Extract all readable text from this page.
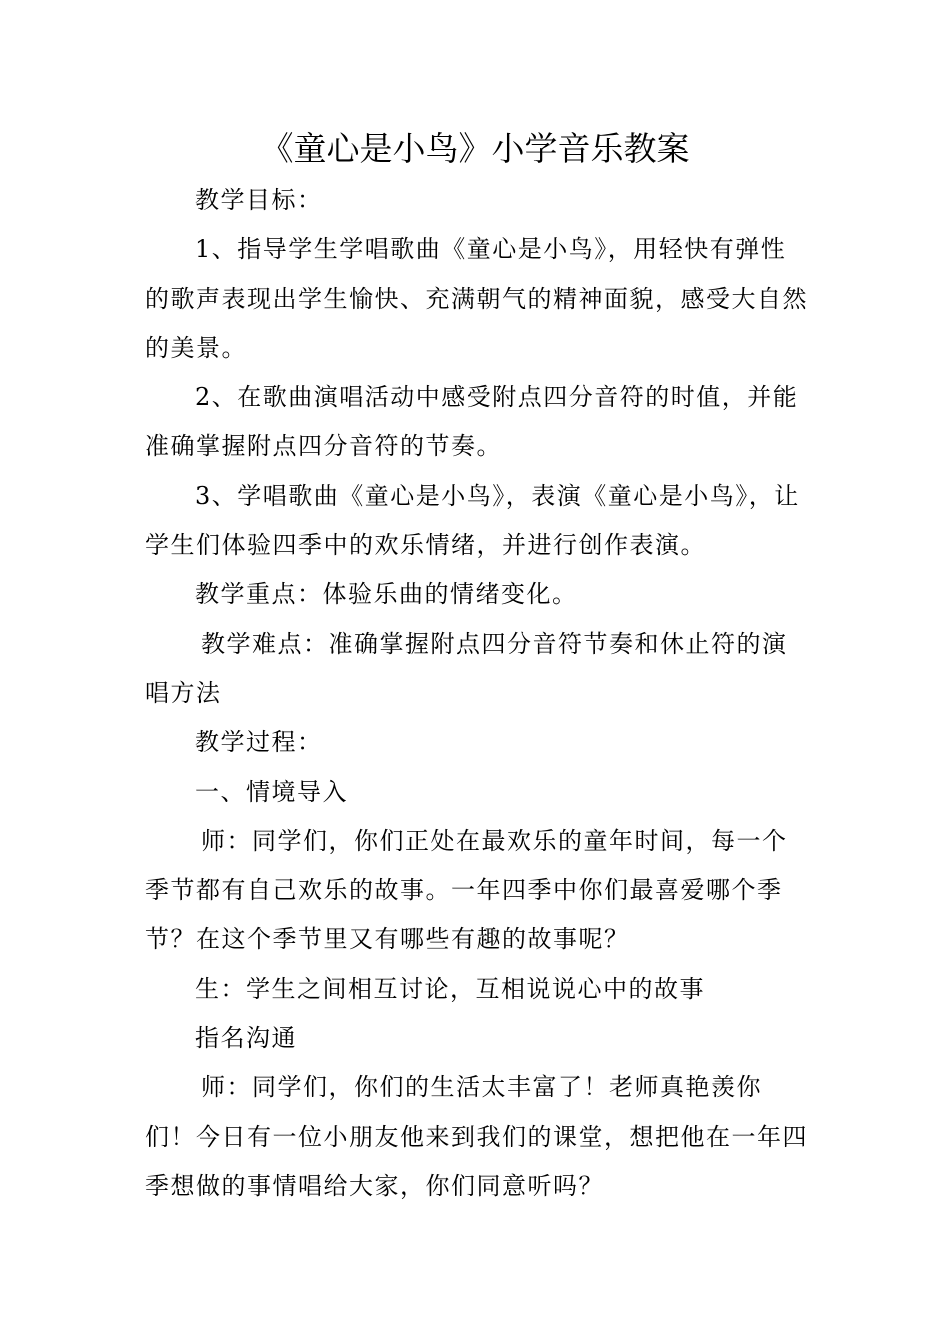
《童心是小鸟》小学音乐教案

教学目标：

1、指导学生学唱歌曲《童心是小鸟》，用轻快有弹性的歌声表现出学生愉快、充满朝气的精神面貌，感受大自然的美景。

2、在歌曲演唱活动中感受附点四分音符的时值，并能准确掌握附点四分音符的节奏。

3、学唱歌曲《童心是小鸟》，表演《童心是小鸟》，让学生们体验四季中的欢乐情绪，并进行创作表演。

教学重点：体验乐曲的情绪变化。

教学难点：准确掌握附点四分音符节奏和休止符的演唱方法

教学过程：

一、情境导入

师：同学们，你们正处在最欢乐的童年时间，每一个季节都有自己欢乐的故事。一年四季中你们最喜爱哪个季节？在这个季节里又有哪些有趣的故事呢？

生：学生之间相互讨论，互相说说心中的故事

指名沟通

师：同学们，你们的生活太丰富了！老师真艳羡你们！今日有一位小朋友他来到我们的课堂，想把他在一年四季想做的事情唱给大家，你们同意听吗？
